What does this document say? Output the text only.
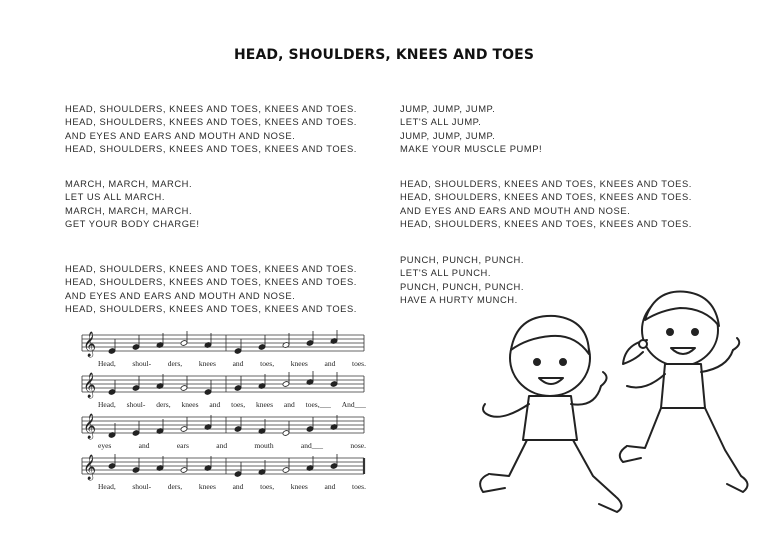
HEAD, SHOULDERS, KNEES AND TOES
HEAD, SHOULDERS, KNEES AND TOES, KNEES AND TOES.
HEAD, SHOULDERS, KNEES AND TOES, KNEES AND TOES.
AND EYES AND EARS AND MOUTH AND NOSE.
HEAD, SHOULDERS, KNEES AND TOES, KNEES AND TOES.
MARCH, MARCH, MARCH.
LET US ALL MARCH.
MARCH, MARCH, MARCH.
GET YOUR BODY CHARGE!
HEAD, SHOULDERS, KNEES AND TOES, KNEES AND TOES.
HEAD, SHOULDERS, KNEES AND TOES, KNEES AND TOES.
AND EYES AND EARS AND MOUTH AND NOSE.
HEAD, SHOULDERS, KNEES AND TOES, KNEES AND TOES.
JUMP, JUMP, JUMP.
LET'S ALL JUMP.
JUMP, JUMP, JUMP.
MAKE YOUR MUSCLE PUMP!
HEAD, SHOULDERS, KNEES AND TOES, KNEES AND TOES.
HEAD, SHOULDERS, KNEES AND TOES, KNEES AND TOES.
AND EYES AND EARS AND MOUTH AND NOSE.
HEAD, SHOULDERS, KNEES AND TOES, KNEES AND TOES.
PUNCH, PUNCH, PUNCH.
LET'S ALL PUNCH.
PUNCH, PUNCH, PUNCH.
HAVE A HURTY MUNCH.
𝄞
Head, shoul- ders, knees and toes, knees and toes.
𝄞
Head, shoul- ders, knees and toes, knees and toes,___ And___
𝄞
eyes	and	ears	and	mouth	and___	nose.
𝄞
Head, shoul- ders, knees and toes, knees and toes.
